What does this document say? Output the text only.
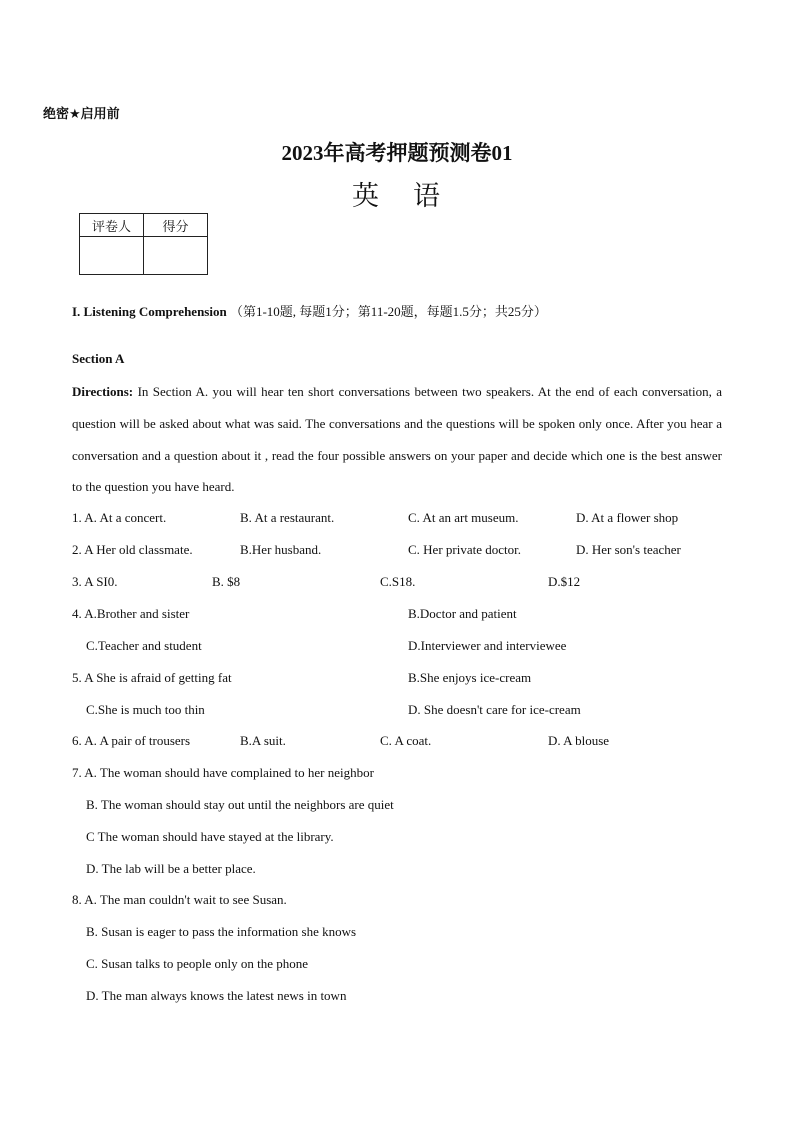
绝密★启用前
2023年高考押题预测卷01
英 语
评卷人	得分

I. Listening Comprehension （第1-10题, 每题1分；第11-20题，每题1.5分；共25分）
Section A
Directions: In Section A. you will hear ten short conversations between two speakers. At the end of each conversation, a question will be asked about what was said. The conversations and the questions will be spoken only once. After you hear a conversation and a question about it , read the four possible answers on your paper and decide which one is the best answer to the question you have heard.
1. A. At a concert.	B. At a restaurant.	C. At an art museum.	D. At a flower shop
2. A Her old classmate.	B.Her husband.	C. Her private doctor.	D. Her son's teacher
3. A SI0.	B. $8	C.S18.	D.$12
4. A.Brother and sister	B.Doctor and patient
C.Teacher and student	D.Interviewer and interviewee
5. A She is afraid of getting fat	B.She enjoys ice-cream
C.She is much too thin	D. She doesn't care for ice-cream
6. A. A pair of trousers	B.A suit.	C. A coat.	D. A blouse
7. A. The woman should have complained to her neighbor
B. The woman should stay out until the neighbors are quiet
C The woman should have stayed at the library.
D. The lab will be a better place.
8. A. The man couldn't wait to see Susan.
B. Susan is eager to pass the information she knows
C. Susan talks to people only on the phone
D. The man always knows the latest news in town
